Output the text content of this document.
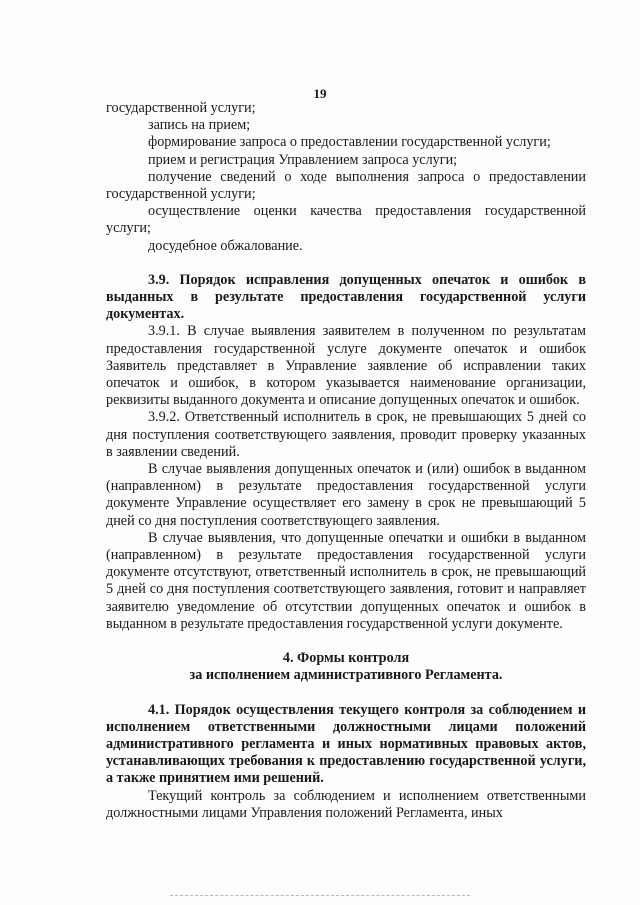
19

государственной услуги;

запись на прием;

формирование запроса о предоставлении государственной услуги;

прием и регистрация Управлением запроса услуги;

получение сведений о ходе выполнения запроса о предоставлении государственной услуги;

осуществление оценки качества предоставления государственной услуги;

досудебное обжалование.

3.9. Порядок исправления допущенных опечаток и ошибок в выданных в результате предоставления государственной услуги документах.

3.9.1. В случае выявления заявителем в полученном по результатам предоставления государственной услуге документе опечаток и ошибок Заявитель представляет в Управление заявление об исправлении таких опечаток и ошибок, в котором указывается наименование организации, реквизиты выданного документа и описание допущенных опечаток и ошибок.

3.9.2. Ответственный исполнитель в срок, не превышающих 5 дней со дня поступления соответствующего заявления, проводит проверку указанных в заявлении сведений.

В случае выявления допущенных опечаток и (или) ошибок в выданном (направленном) в результате предоставления государственной услуги документе Управление осуществляет его замену в срок не превышающий 5 дней со дня поступления соответствующего заявления.

В случае выявления, что допущенные опечатки и ошибки в выданном (направленном) в результате предоставления государственной услуги документе отсутствуют, ответственный исполнитель в срок, не превышающий 5 дней со дня поступления соответствующего заявления, готовит и направляет заявителю уведомление об отсутствии допущенных опечаток и ошибок в выданном в результате предоставления государственной услуги документе.

4. Формы контроля

за исполнением административного Регламента.

4.1. Порядок осуществления текущего контроля за соблюдением и исполнением ответственными должностными лицами положений административного регламента и иных нормативных правовых актов, устанавливающих требования к предоставлению государственной услуги, а также принятием ими решений.

Текущий контроль за соблюдением и исполнением ответственными должностными лицами Управления положений Регламента, иных
